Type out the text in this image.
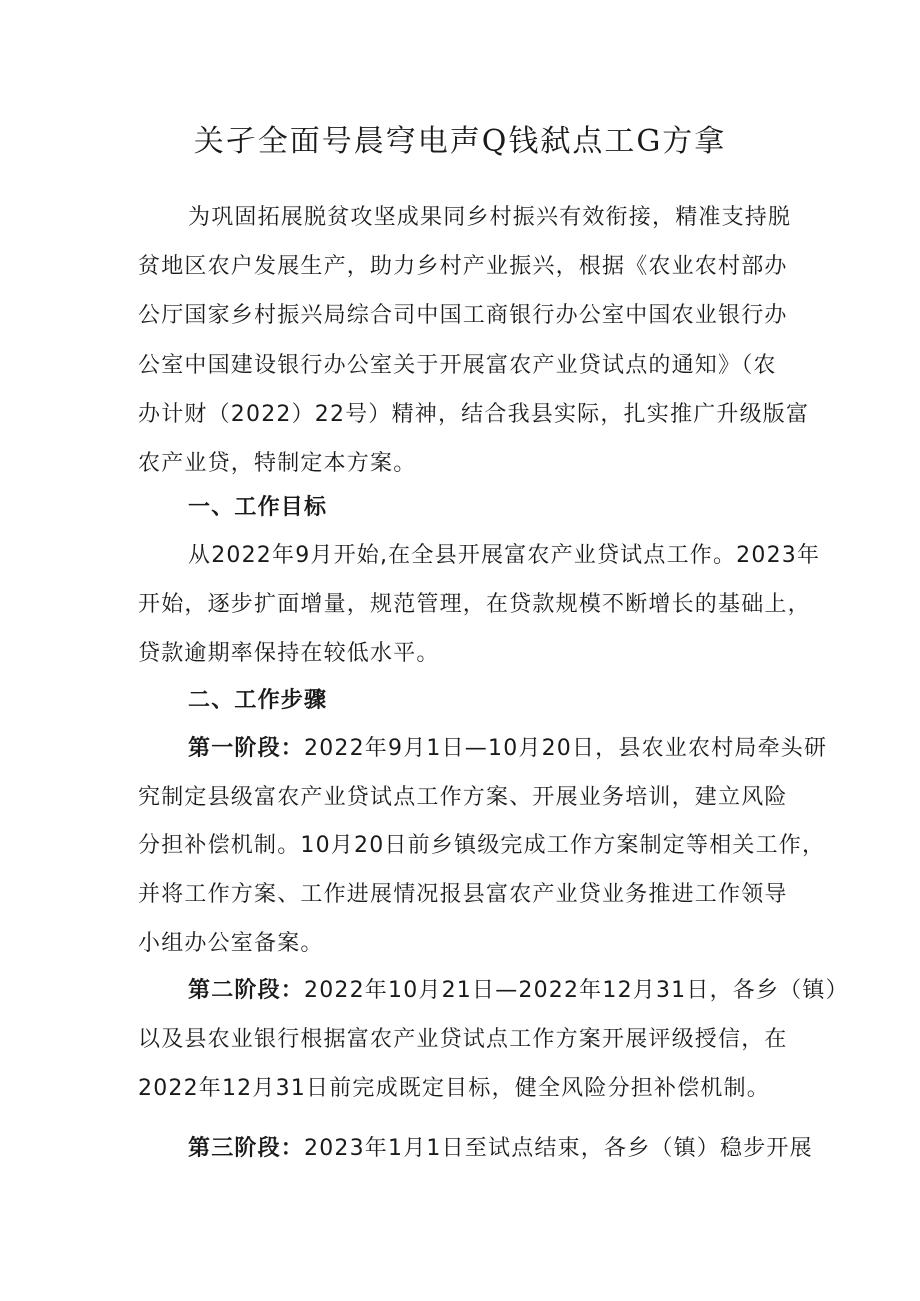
关孑全面号晨穹电声Q钱弑点工G方拿
为巩固拓展脱贫攻坚成果同乡村振兴有效衔接，精准支持脱
贫地区农户发展生产，助力乡村产业振兴，根据《农业农村部办
公厅国家乡村振兴局综合司中国工商银行办公室中国农业银行办
公室中国建设银行办公室关于开展富农产业贷试点的通知》（农
办计财（2022）22号）精神，结合我县实际，扎实推广升级版富
农产业贷，特制定本方案。
一、工作目标
从2022年9月开始,在全县开展富农产业贷试点工作。2023年
开始，逐步扩面增量，规范管理，在贷款规模不断增长的基础上，
贷款逾期率保持在较低水平。
二、工作步骤
第一阶段：2022年9月1日—10月20日，县农业农村局牵头研
究制定县级富农产业贷试点工作方案、开展业务培训，建立风险
分担补偿机制。10月20日前乡镇级完成工作方案制定等相关工作，
并将工作方案、工作进展情况报县富农产业贷业务推进工作领导
小组办公室备案。
第二阶段：2022年10月21日—2022年12月31日，各乡（镇）
以及县农业银行根据富农产业贷试点工作方案开展评级授信，在
2022年12月31日前完成既定目标，健全风险分担补偿机制。
第三阶段：2023年1月1日至试点结束，各乡（镇）稳步开展
